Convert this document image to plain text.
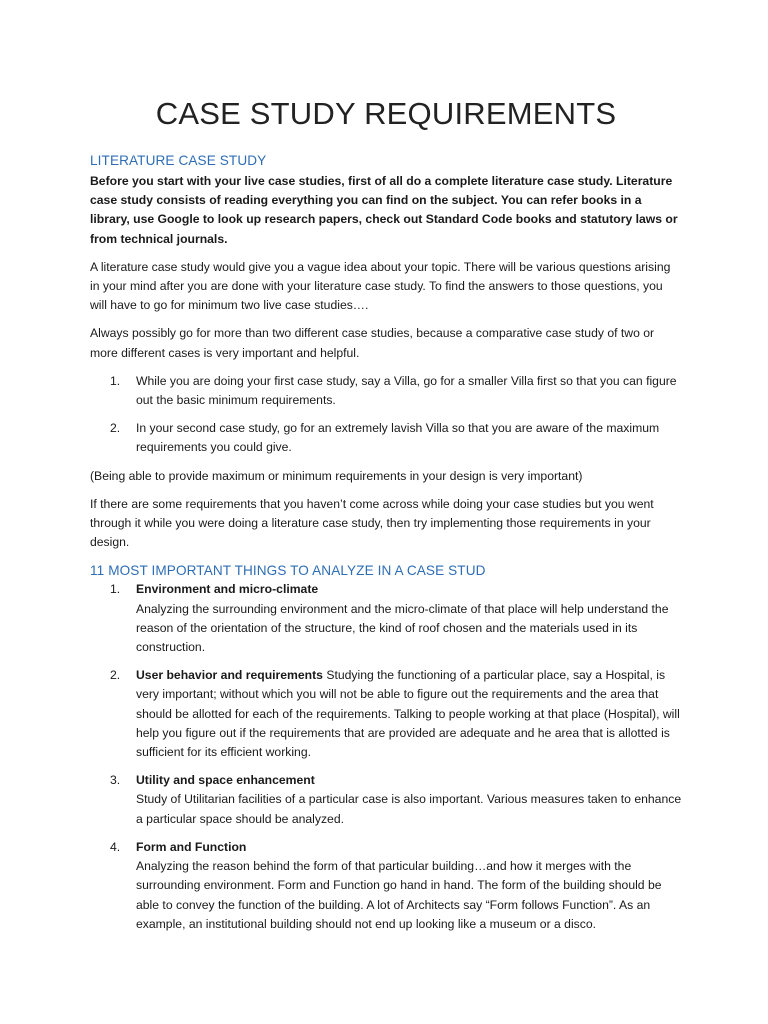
CASE STUDY REQUIREMENTS
LITERATURE CASE STUDY

Before you start with your live case studies, first of all do a complete literature case study. Literature case study consists of reading everything you can find on the subject. You can refer books in a library, use Google to look up research papers, check out Standard Code books and statutory laws or from technical journals.

A literature case study would give you a vague idea about your topic. There will be various questions arising in your mind after you are done with your literature case study. To find the answers to those questions, you will have to go for minimum two live case studies….

Always possibly go for more than two different case studies, because a comparative case study of two or more different cases is very important and helpful.

1. While you are doing your first case study, say a Villa, go for a smaller Villa first so that you can figure out the basic minimum requirements.
2. In your second case study, go for an extremely lavish Villa so that you are aware of the maximum requirements you could give.

(Being able to provide maximum or minimum requirements in your design is very important)

If there are some requirements that you haven’t come across while doing your case studies but you went through it while you were doing a literature case study, then try implementing those requirements in your design.

11 MOST IMPORTANT THINGS TO ANALYZE IN A CASE STUD
1. Environment and micro-climate
Analyzing the surrounding environment and the micro-climate of that place will help understand the reason of the orientation of the structure, the kind of roof chosen and the materials used in its construction.
2. User behavior and requirements Studying the functioning of a particular place, say a Hospital, is very important; without which you will not be able to figure out the requirements and the area that should be allotted for each of the requirements. Talking to people working at that place (Hospital), will help you figure out if the requirements that are provided are adequate and he area that is allotted is sufficient for its efficient working.
3. Utility and space enhancement
Study of Utilitarian facilities of a particular case is also important. Various measures taken to enhance a particular space should be analyzed.
4. Form and Function
Analyzing the reason behind the form of that particular building…and how it merges with the surrounding environment. Form and Function go hand in hand. The form of the building should be able to convey the function of the building. A lot of Architects say “Form follows Function”. As an example, an institutional building should not end up looking like a museum or a disco.
